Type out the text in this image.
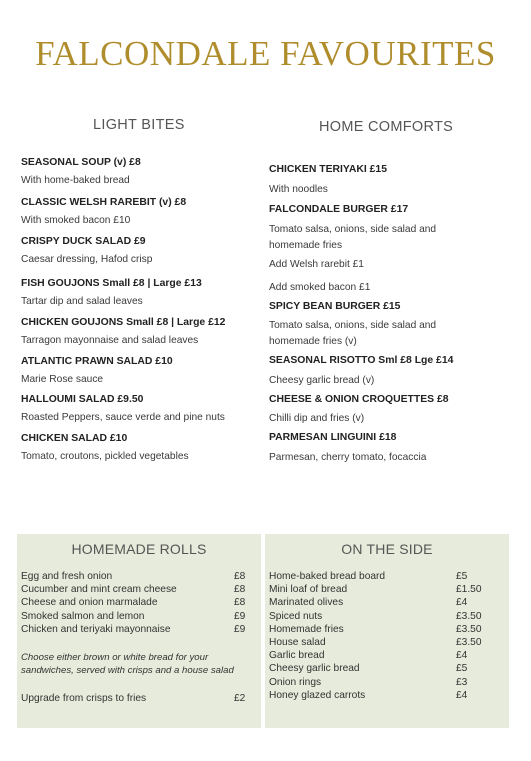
FALCONDALE FAVOURITES
LIGHT BITES
SEASONAL SOUP (v) £8
With home-baked bread
CLASSIC WELSH RAREBIT (v) £8
With smoked bacon £10
CRISPY DUCK SALAD £9
Caesar dressing, Hafod crisp
FISH GOUJONS Small £8 | Large £13
Tartar dip and salad leaves
CHICKEN GOUJONS Small £8 | Large £12
Tarragon mayonnaise and salad leaves
ATLANTIC PRAWN SALAD £10
Marie Rose sauce
HALLOUMI SALAD £9.50
Roasted Peppers, sauce verde and pine nuts
CHICKEN SALAD £10
Tomato, croutons, pickled vegetables
HOME COMFORTS
CHICKEN TERIYAKI £15
With noodles
FALCONDALE BURGER £17
Tomato salsa, onions, side salad and
homemade fries
Add Welsh rarebit £1
Add smoked bacon £1
SPICY BEAN BURGER £15
Tomato salsa, onions, side salad and
homemade fries (v)
SEASONAL RISOTTO Sml £8 Lge £14
Cheesy garlic bread (v)
CHEESE & ONION CROQUETTES £8
Chilli dip and fries (v)
PARMESAN LINGUINI £18
Parmesan, cherry tomato, focaccia
HOMEMADE ROLLS
Egg and fresh onion	£8
Cucumber and mint cream cheese	£8
Cheese and onion marmalade	£8
Smoked salmon and lemon	£9
Chicken and teriyaki mayonnaise	£9
Choose either brown or white bread for your
sandwiches, served with crisps and a house salad
Upgrade from crisps to fries	£2
ON THE SIDE
Home-baked bread board	£5
Mini loaf of bread	£1.50
Marinated olives	£4
Spiced nuts	£3.50
Homemade fries	£3.50
House salad	£3.50
Garlic bread	£4
Cheesy garlic bread	£5
Onion rings	£3
Honey glazed carrots	£4
